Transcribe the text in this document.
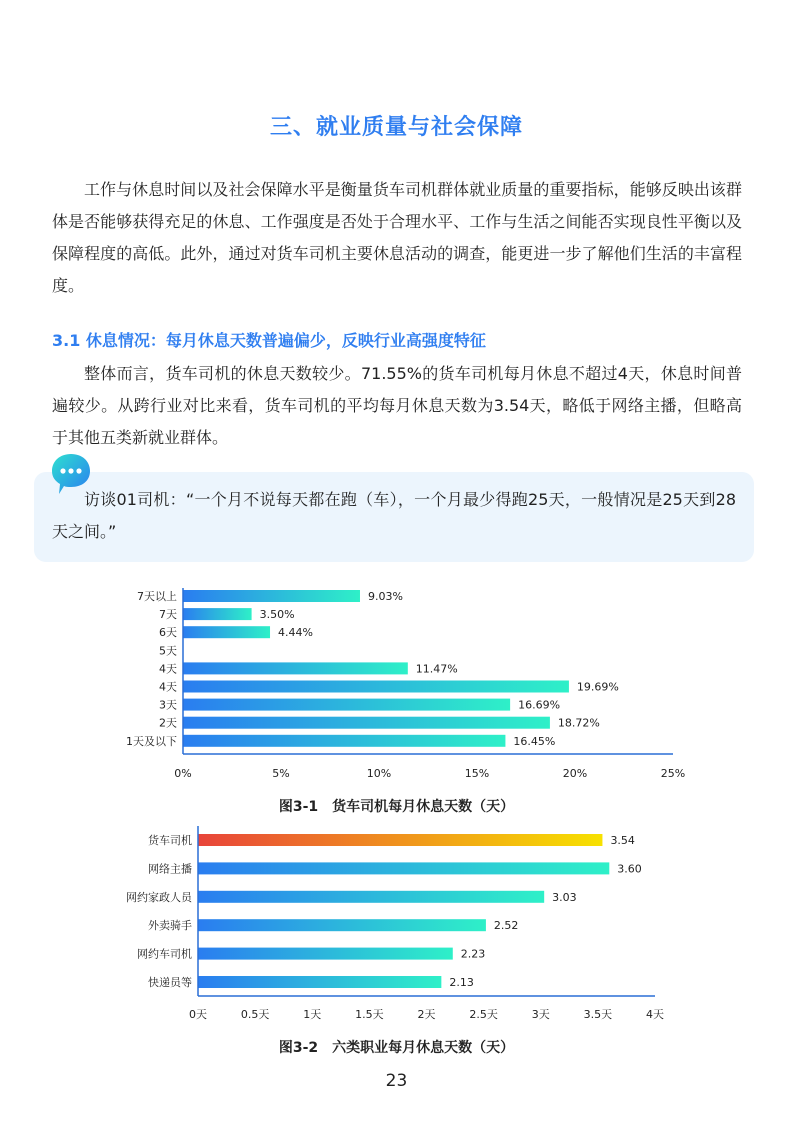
三、就业质量与社会保障

工作与休息时间以及社会保障水平是衡量货车司机群体就业质量的重要指标，能够反映出该群体是否能够获得充足的休息、工作强度是否处于合理水平、工作与生活之间能否实现良性平衡以及保障程度的高低。此外，通过对货车司机主要休息活动的调查，能更进一步了解他们生活的丰富程度。

3.1 休息情况：每月休息天数普遍偏少，反映行业高强度特征

整体而言，货车司机的休息天数较少。71.55%的货车司机每月休息不超过4天，休息时间普遍较少。从跨行业对比来看，货车司机的平均每月休息天数为3.54天，略低于网络主播，但略高于其他五类新就业群体。

访谈01司机：“一个月不说每天都在跑（车），一个月最少得跑25天，一般情况是25天到28天之间。”

7天以上	9.03%
7天	3.50%
6天	4.44%
5天
4天	11.47%
4天	19.69%
3天	16.69%
2天	18.72%
1天及以下	16.45%
0%	5%	10%	15%	20%	25%
图3-1　货车司机每月休息天数（天）
货车司机	3.54
网络主播	3.60
网约家政人员	3.03
外卖骑手	2.52
网约车司机	2.23
快递员等	2.13
0天	0.5天	1天	1.5天	2天	2.5天	3天	3.5天	4天
图3-2　六类职业每月休息天数（天）
23
